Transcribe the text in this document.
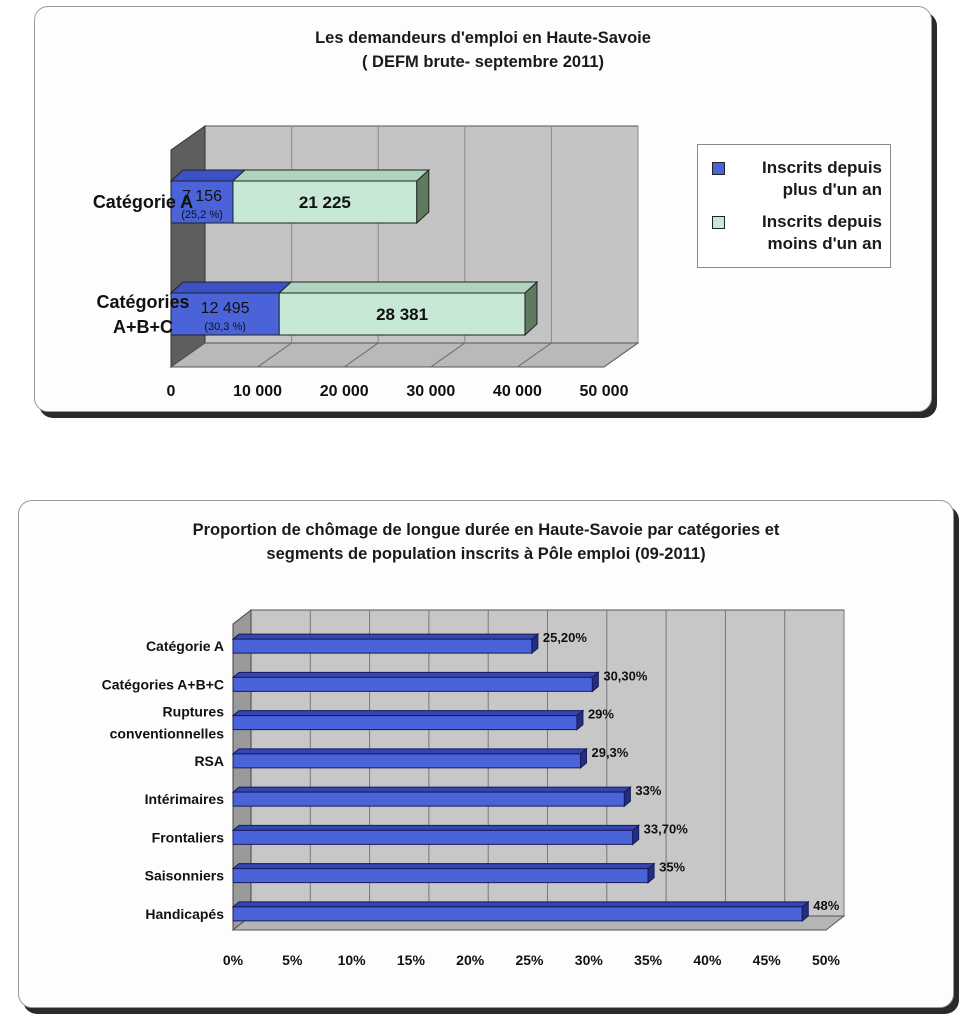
Les demandeurs d'emploi en Haute-Savoie
( DEFM brute- septembre 2011)
0	10 000 20 000 30 000 40 000 50 000
7 156
(25,2 %)
21 225
Catégorie A
12 495
(30,3 %)
28 381
Catégories
A+B+C
Inscrits depuis
plus d'un an
Inscrits depuis
moins d'un an
Proportion de chômage de longue durée en Haute-Savoie par catégories et
segments de population inscrits à Pôle emploi (09-2011)
0%	5%	10% 15% 20% 25% 30% 35% 40% 45% 50%
25,20%
Catégorie A
30,30%
Catégories A+B+C
29%
Ruptures
conventionnelles
29,3%
RSA
33%
Intérimaires
33,70%
Frontaliers
35%
Saisonniers
48%
Handicapés
